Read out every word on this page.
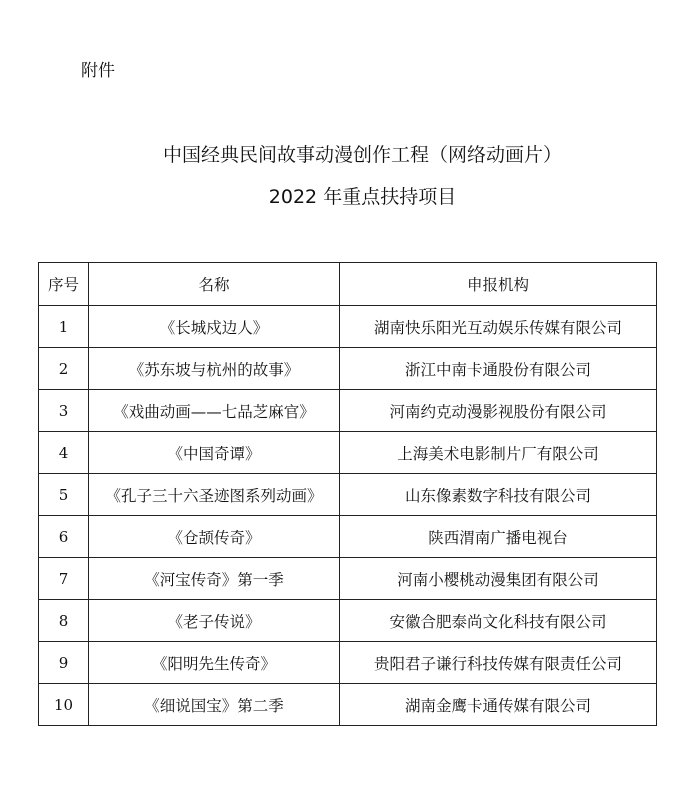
附件
中国经典民间故事动漫创作工程（网络动画片）
2022 年重点扶持项目
序号	名称	申报机构
1	《长城戍边人》	湖南快乐阳光互动娱乐传媒有限公司
2	《苏东坡与杭州的故事》	浙江中南卡通股份有限公司
3	《戏曲动画——七品芝麻官》	河南约克动漫影视股份有限公司
4	《中国奇谭》	上海美术电影制片厂有限公司
5	《孔子三十六圣迹图系列动画》	山东像素数字科技有限公司
6	《仓颉传奇》	陕西渭南广播电视台
7	《河宝传奇》第一季	河南小樱桃动漫集团有限公司
8	《老子传说》	安徽合肥泰尚文化科技有限公司
9	《阳明先生传奇》	贵阳君子谦行科技传媒有限责任公司
10	《细说国宝》第二季	湖南金鹰卡通传媒有限公司
